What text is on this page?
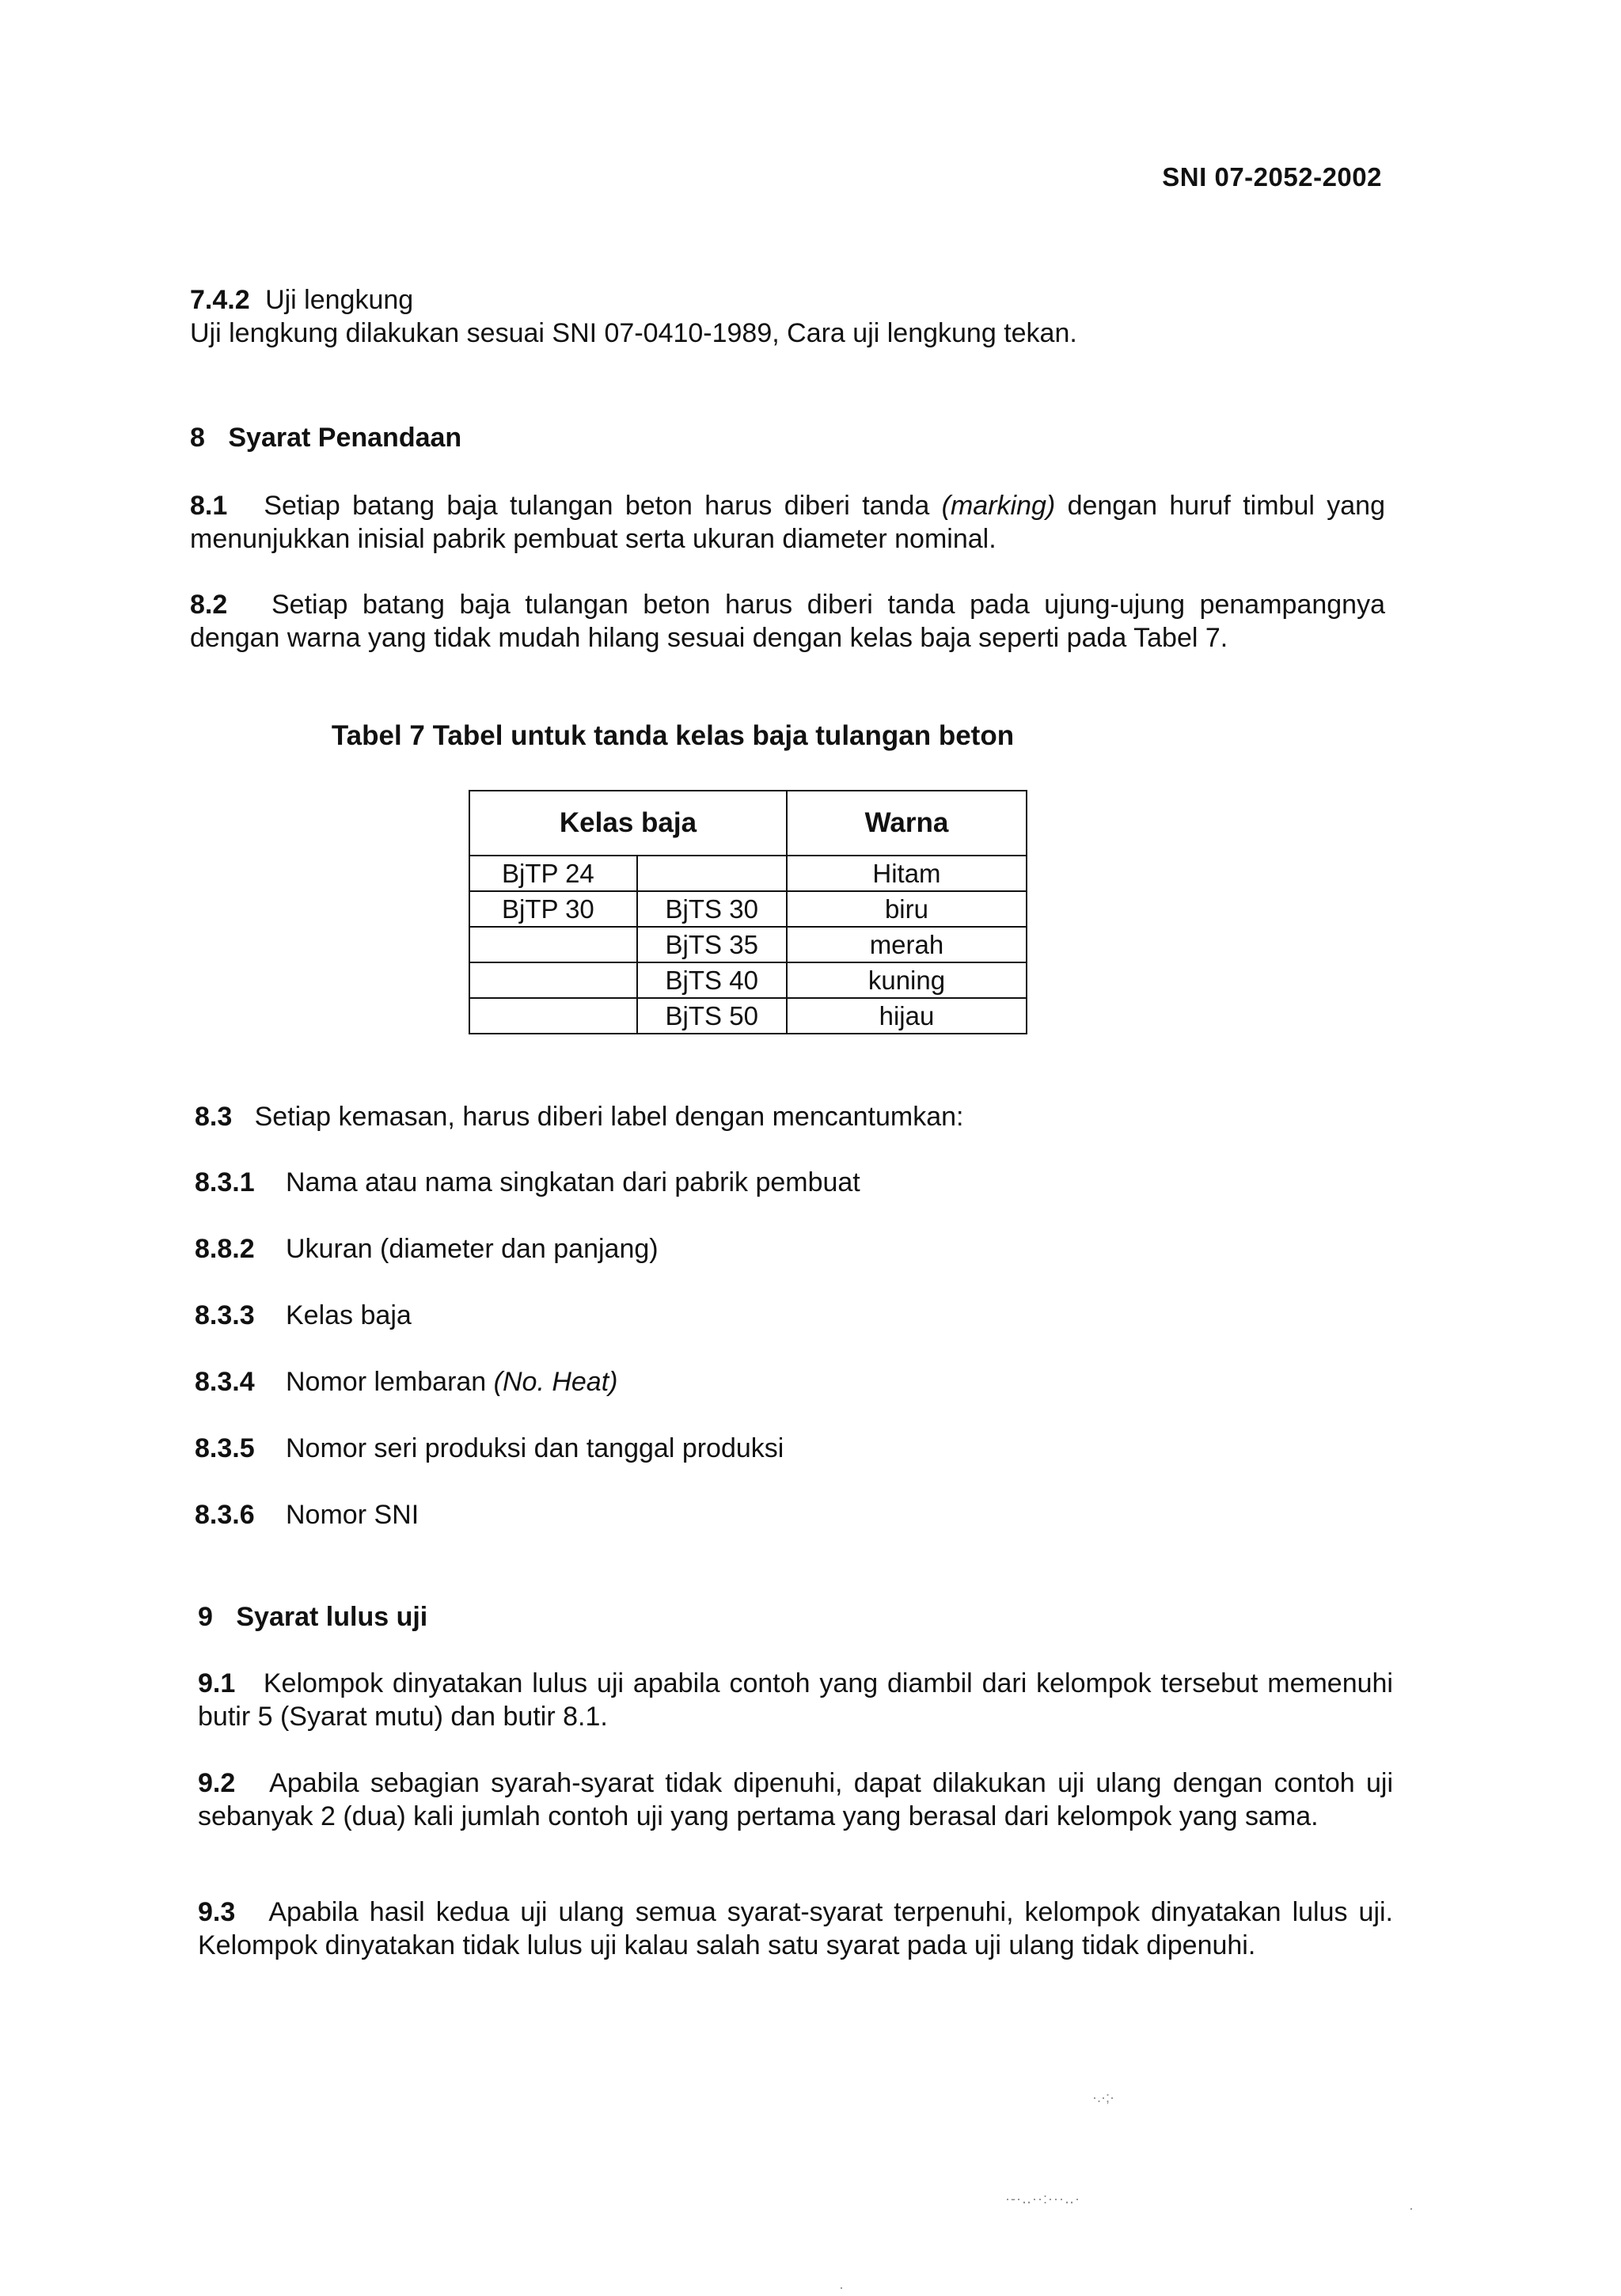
SNI 07-2052-2002
7.4.2 Uji lengkung
Uji lengkung dilakukan sesuai SNI 07-0410-1989, Cara uji lengkung tekan.
8 Syarat Penandaan
8.1 Setiap batang baja tulangan beton harus diberi tanda (marking) dengan huruf timbul yang menunjukkan inisial pabrik pembuat serta ukuran diameter nominal.
8.2 Setiap batang baja tulangan beton harus diberi tanda pada ujung-ujung penampangnya dengan warna yang tidak mudah hilang sesuai dengan kelas baja seperti pada Tabel 7.
Tabel 7 Tabel untuk tanda kelas baja tulangan beton
Kelas baja		Warna
BjTP 24		Hitam
BjTP 30	BjTS 30	biru
	BjTS 35	merah
	BjTS 40	kuning
	BjTS 50	hijau
8.3 Setiap kemasan, harus diberi label dengan mencantumkan:
8.3.1 Nama atau nama singkatan dari pabrik pembuat
8.8.2 Ukuran (diameter dan panjang)
8.3.3 Kelas baja
8.3.4 Nomor lembaran (No. Heat)
8.3.5 Nomor seri produksi dan tanggal produksi
8.3.6 Nomor SNI
9 Syarat lulus uji
9.1 Kelompok dinyatakan lulus uji apabila contoh yang diambil dari kelompok tersebut memenuhi butir 5 (Syarat mutu) dan butir 8.1.
9.2 Apabila sebagian syarah-syarat tidak dipenuhi, dapat dilakukan uji ulang dengan contoh uji sebanyak 2 (dua) kali jumlah contoh uji yang pertama yang berasal dari kelompok yang sama.
9.3 Apabila hasil kedua uji ulang semua syarat-syarat terpenuhi, kelompok dinyatakan lulus uji. Kelompok dinyatakan tidak lulus uji kalau salah satu syarat pada uji ulang tidak dipenuhi.
·.·;·
·-·‥··:···‥·
·
·
